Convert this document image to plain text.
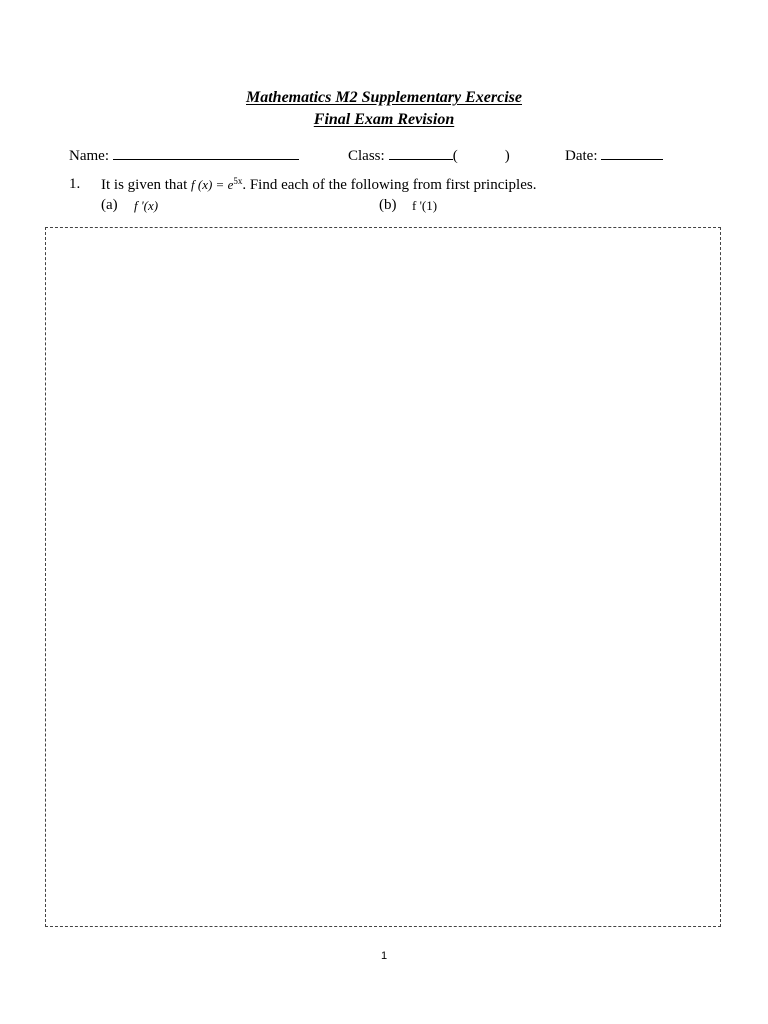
Mathematics M2 Supplementary Exercise
Final Exam Revision
Name:	Class:	(	)	Date:
1. It is given that f $(x) = e^{5x}$. Find each of the following from first principles.
(a) f '(x)	(b) f '(1)
1
